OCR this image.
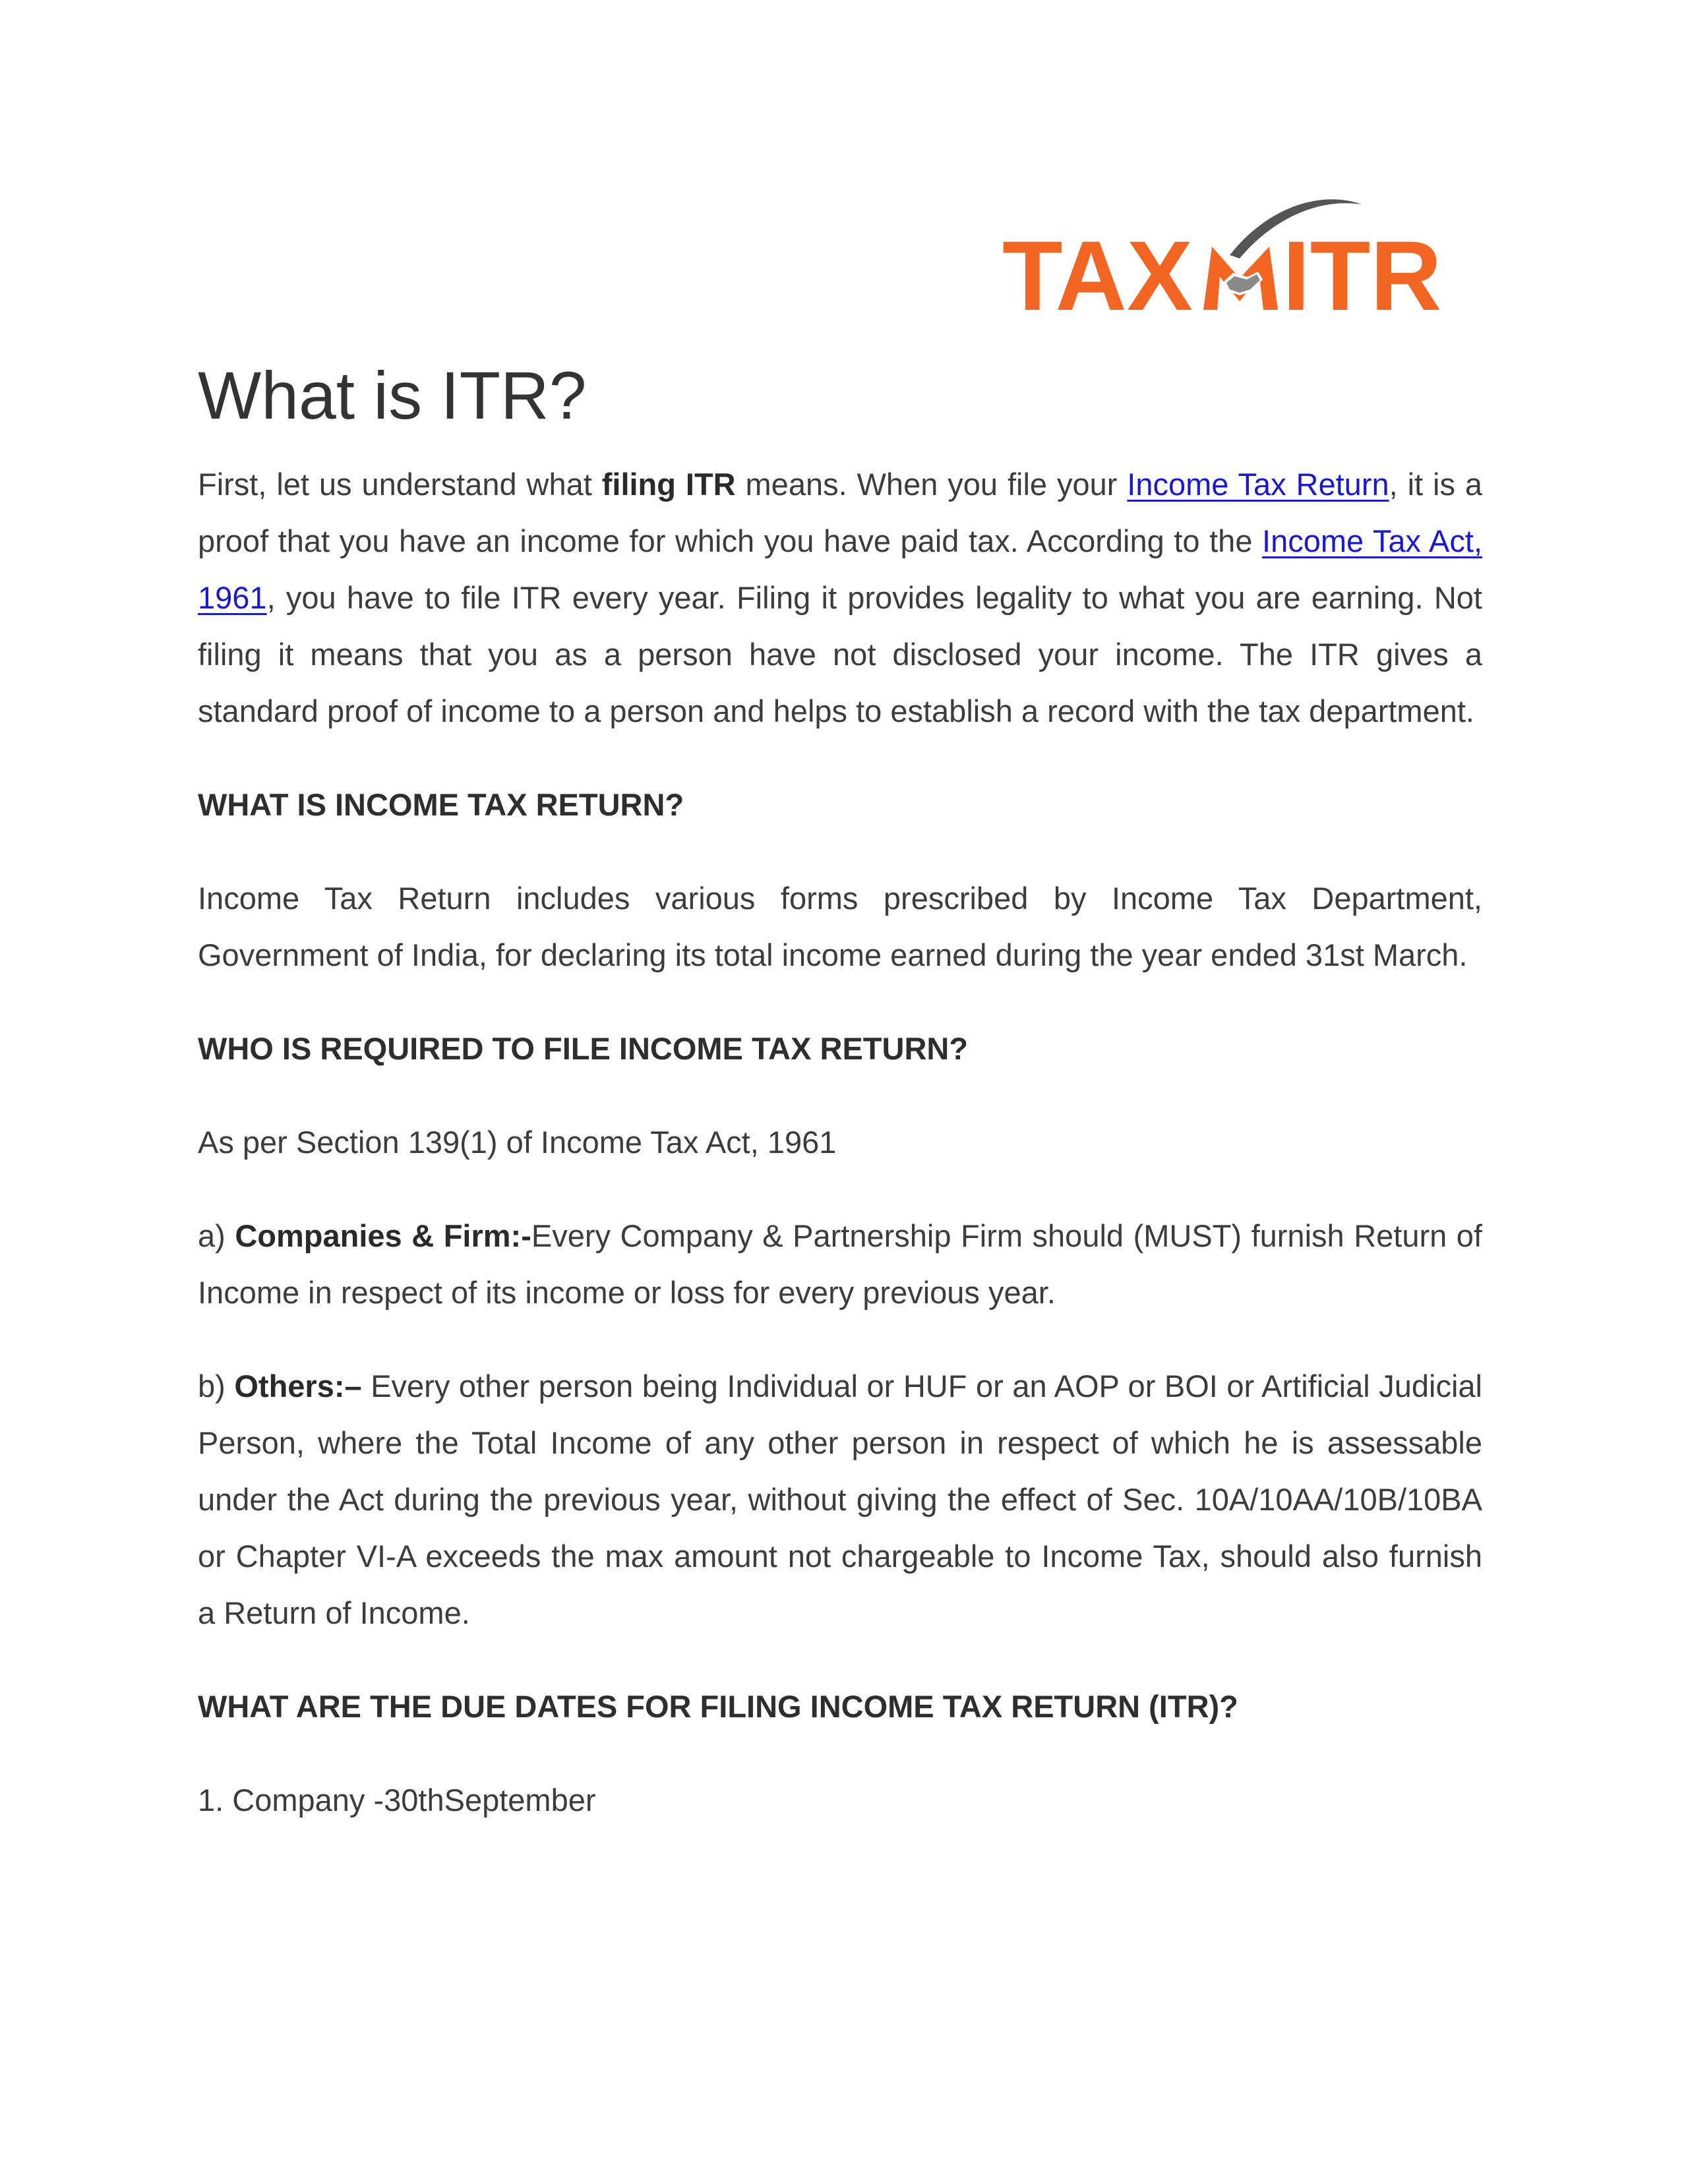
TAX ITR
What is ITR?

First, let us understand what filing ITR means. When you file your Income Tax Return, it is a proof that you have an income for which you have paid tax. According to the Income Tax Act, 1961, you have to file ITR every year. Filing it provides legality to what you are earning. Not filing it means that you as a person have not disclosed your income. The ITR gives a standard proof of income to a person and helps to establish a record with the tax department.

WHAT IS INCOME TAX RETURN?

Income Tax Return includes various forms prescribed by Income Tax Department, Government of India, for declaring its total income earned during the year ended 31st March.

WHO IS REQUIRED TO FILE INCOME TAX RETURN?

As per Section 139(1) of Income Tax Act, 1961

a) Companies & Firm:-Every Company & Partnership Firm should (MUST) furnish Return of Income in respect of its income or loss for every previous year.

b) Others:– Every other person being Individual or HUF or an AOP or BOI or Artificial Judicial Person, where the Total Income of any other person in respect of which he is assessable under the Act during the previous year, without giving the effect of Sec. 10A/10AA/10B/10BA or Chapter VI-A exceeds the max amount not chargeable to Income Tax, should also furnish a Return of Income.

WHAT ARE THE DUE DATES FOR FILING INCOME TAX RETURN (ITR)?

1. Company -30thSeptember
